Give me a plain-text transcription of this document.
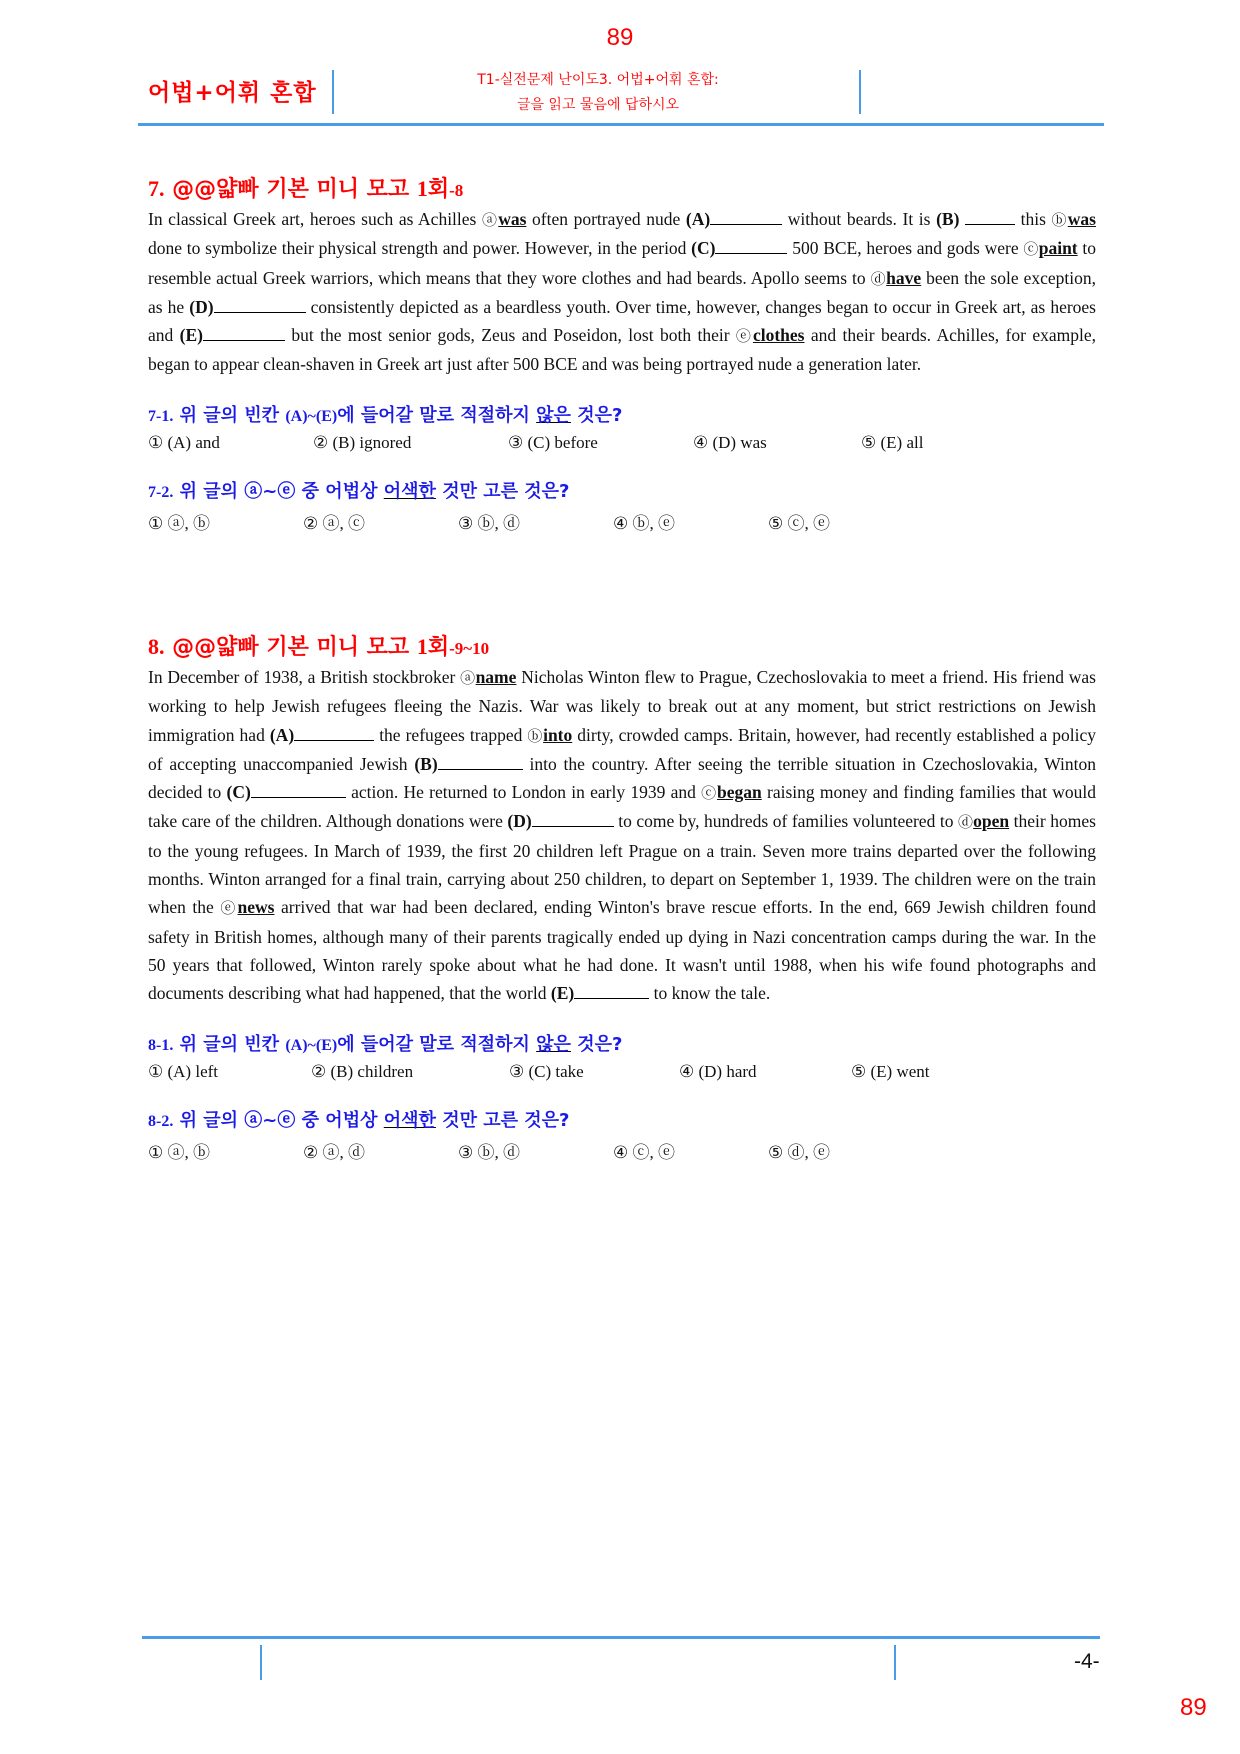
89
어법+어휘 혼합	T1-실전문제 난이도3. 어법+어휘 혼합:
글을 읽고 물음에 답하시오
7. @@얇빠 기본 미니 모고 1회-8
In classical Greek art, heroes such as Achilles ⓐwas often portrayed nude (A)	without beards. It is (B)	this ⓑwas done to symbolize their physical strength and power. However, in the period (C)	500 BCE, heroes and gods were ⓒpaint to resemble actual Greek warriors, which means that they wore clothes and had beards. Apollo seems to ⓓhave been the sole exception, as he (D)	consistently depicted as a beardless youth. Over time, however, changes began to occur in Greek art, as heroes and (E)	but the most senior gods, Zeus and Poseidon, lost both their ⓔclothes and their beards. Achilles, for example, began to appear clean-shaven in Greek art just after 500 BCE and was being portrayed nude a generation later.
7-1. 위 글의 빈칸 (A)~(E)에 들어갈 말로 적절하지 않은 것은?
① (A) and	② (B) ignored	③ (C) before	④ (D) was	⑤ (E) all
7-2. 위 글의 ⓐ~ⓔ 중 어법상 어색한 것만 고른 것은?
① ⓐ, ⓑ	② ⓐ, ⓒ	③ ⓑ, ⓓ	④ ⓑ, ⓔ	⑤ ⓒ, ⓔ
8. @@얇빠 기본 미니 모고 1회-9~10
In December of 1938, a British stockbroker ⓐname Nicholas Winton flew to Prague, Czechoslovakia to meet a friend. His friend was working to help Jewish refugees fleeing the Nazis. War was likely to break out at any moment, but strict restrictions on Jewish immigration had (A)	the refugees trapped ⓑinto dirty, crowded camps. Britain, however, had recently established a policy of accepting unaccompanied Jewish (B)	into the country. After seeing the terrible situation in Czechoslovakia, Winton decided to (C)	action. He returned to London in early 1939 and ⓒbegan raising money and finding families that would take care of the children. Although donations were (D)	to come by, hundreds of families volunteered to ⓓopen their homes to the young refugees. In March of 1939, the first 20 children left Prague on a train. Seven more trains departed over the following months. Winton arranged for a final train, carrying about 250 children, to depart on September 1, 1939. The children were on the train when the ⓔnews arrived that war had been declared, ending Winton's brave rescue efforts. In the end, 669 Jewish children found safety in British homes, although many of their parents tragically ended up dying in Nazi concentration camps during the war. In the 50 years that followed, Winton rarely spoke about what he had done. It wasn't until 1988, when his wife found photographs and documents describing what had happened, that the world (E)	to know the tale.
8-1. 위 글의 빈칸 (A)~(E)에 들어갈 말로 적절하지 않은 것은?
① (A) left	② (B) children	③ (C) take	④ (D) hard	⑤ (E) went
8-2. 위 글의 ⓐ~ⓔ 중 어법상 어색한 것만 고른 것은?
① ⓐ, ⓑ	② ⓐ, ⓓ	③ ⓑ, ⓓ	④ ⓒ, ⓔ	⑤ ⓓ, ⓔ
-4-
89
